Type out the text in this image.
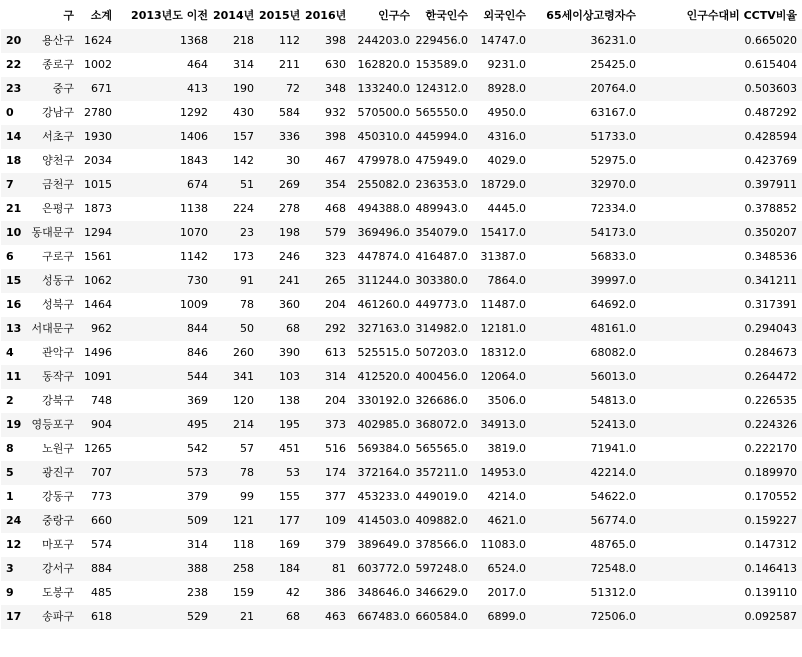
	구	소계	2013년도 이전	2014년	2015년	2016년	인구수	한국인수	외국인수	65세이상고령자수	인구수대비 CCTV비율
20	용산구	1624	1368	218	112	398	244203.0	229456.0	14747.0	36231.0	0.665020
22	종로구	1002	464	314	211	630	162820.0	153589.0	9231.0	25425.0	0.615404
23	중구	671	413	190	72	348	133240.0	124312.0	8928.0	20764.0	0.503603
0	강남구	2780	1292	430	584	932	570500.0	565550.0	4950.0	63167.0	0.487292
14	서초구	1930	1406	157	336	398	450310.0	445994.0	4316.0	51733.0	0.428594
18	양천구	2034	1843	142	30	467	479978.0	475949.0	4029.0	52975.0	0.423769
7	금천구	1015	674	51	269	354	255082.0	236353.0	18729.0	32970.0	0.397911
21	은평구	1873	1138	224	278	468	494388.0	489943.0	4445.0	72334.0	0.378852
10	동대문구	1294	1070	23	198	579	369496.0	354079.0	15417.0	54173.0	0.350207
6	구로구	1561	1142	173	246	323	447874.0	416487.0	31387.0	56833.0	0.348536
15	성동구	1062	730	91	241	265	311244.0	303380.0	7864.0	39997.0	0.341211
16	성북구	1464	1009	78	360	204	461260.0	449773.0	11487.0	64692.0	0.317391
13	서대문구	962	844	50	68	292	327163.0	314982.0	12181.0	48161.0	0.294043
4	관악구	1496	846	260	390	613	525515.0	507203.0	18312.0	68082.0	0.284673
11	동작구	1091	544	341	103	314	412520.0	400456.0	12064.0	56013.0	0.264472
2	강북구	748	369	120	138	204	330192.0	326686.0	3506.0	54813.0	0.226535
19	영등포구	904	495	214	195	373	402985.0	368072.0	34913.0	52413.0	0.224326
8	노원구	1265	542	57	451	516	569384.0	565565.0	3819.0	71941.0	0.222170
5	광진구	707	573	78	53	174	372164.0	357211.0	14953.0	42214.0	0.189970
1	강동구	773	379	99	155	377	453233.0	449019.0	4214.0	54622.0	0.170552
24	중랑구	660	509	121	177	109	414503.0	409882.0	4621.0	56774.0	0.159227
12	마포구	574	314	118	169	379	389649.0	378566.0	11083.0	48765.0	0.147312
3	강서구	884	388	258	184	81	603772.0	597248.0	6524.0	72548.0	0.146413
9	도봉구	485	238	159	42	386	348646.0	346629.0	2017.0	51312.0	0.139110
17	송파구	618	529	21	68	463	667483.0	660584.0	6899.0	72506.0	0.092587
